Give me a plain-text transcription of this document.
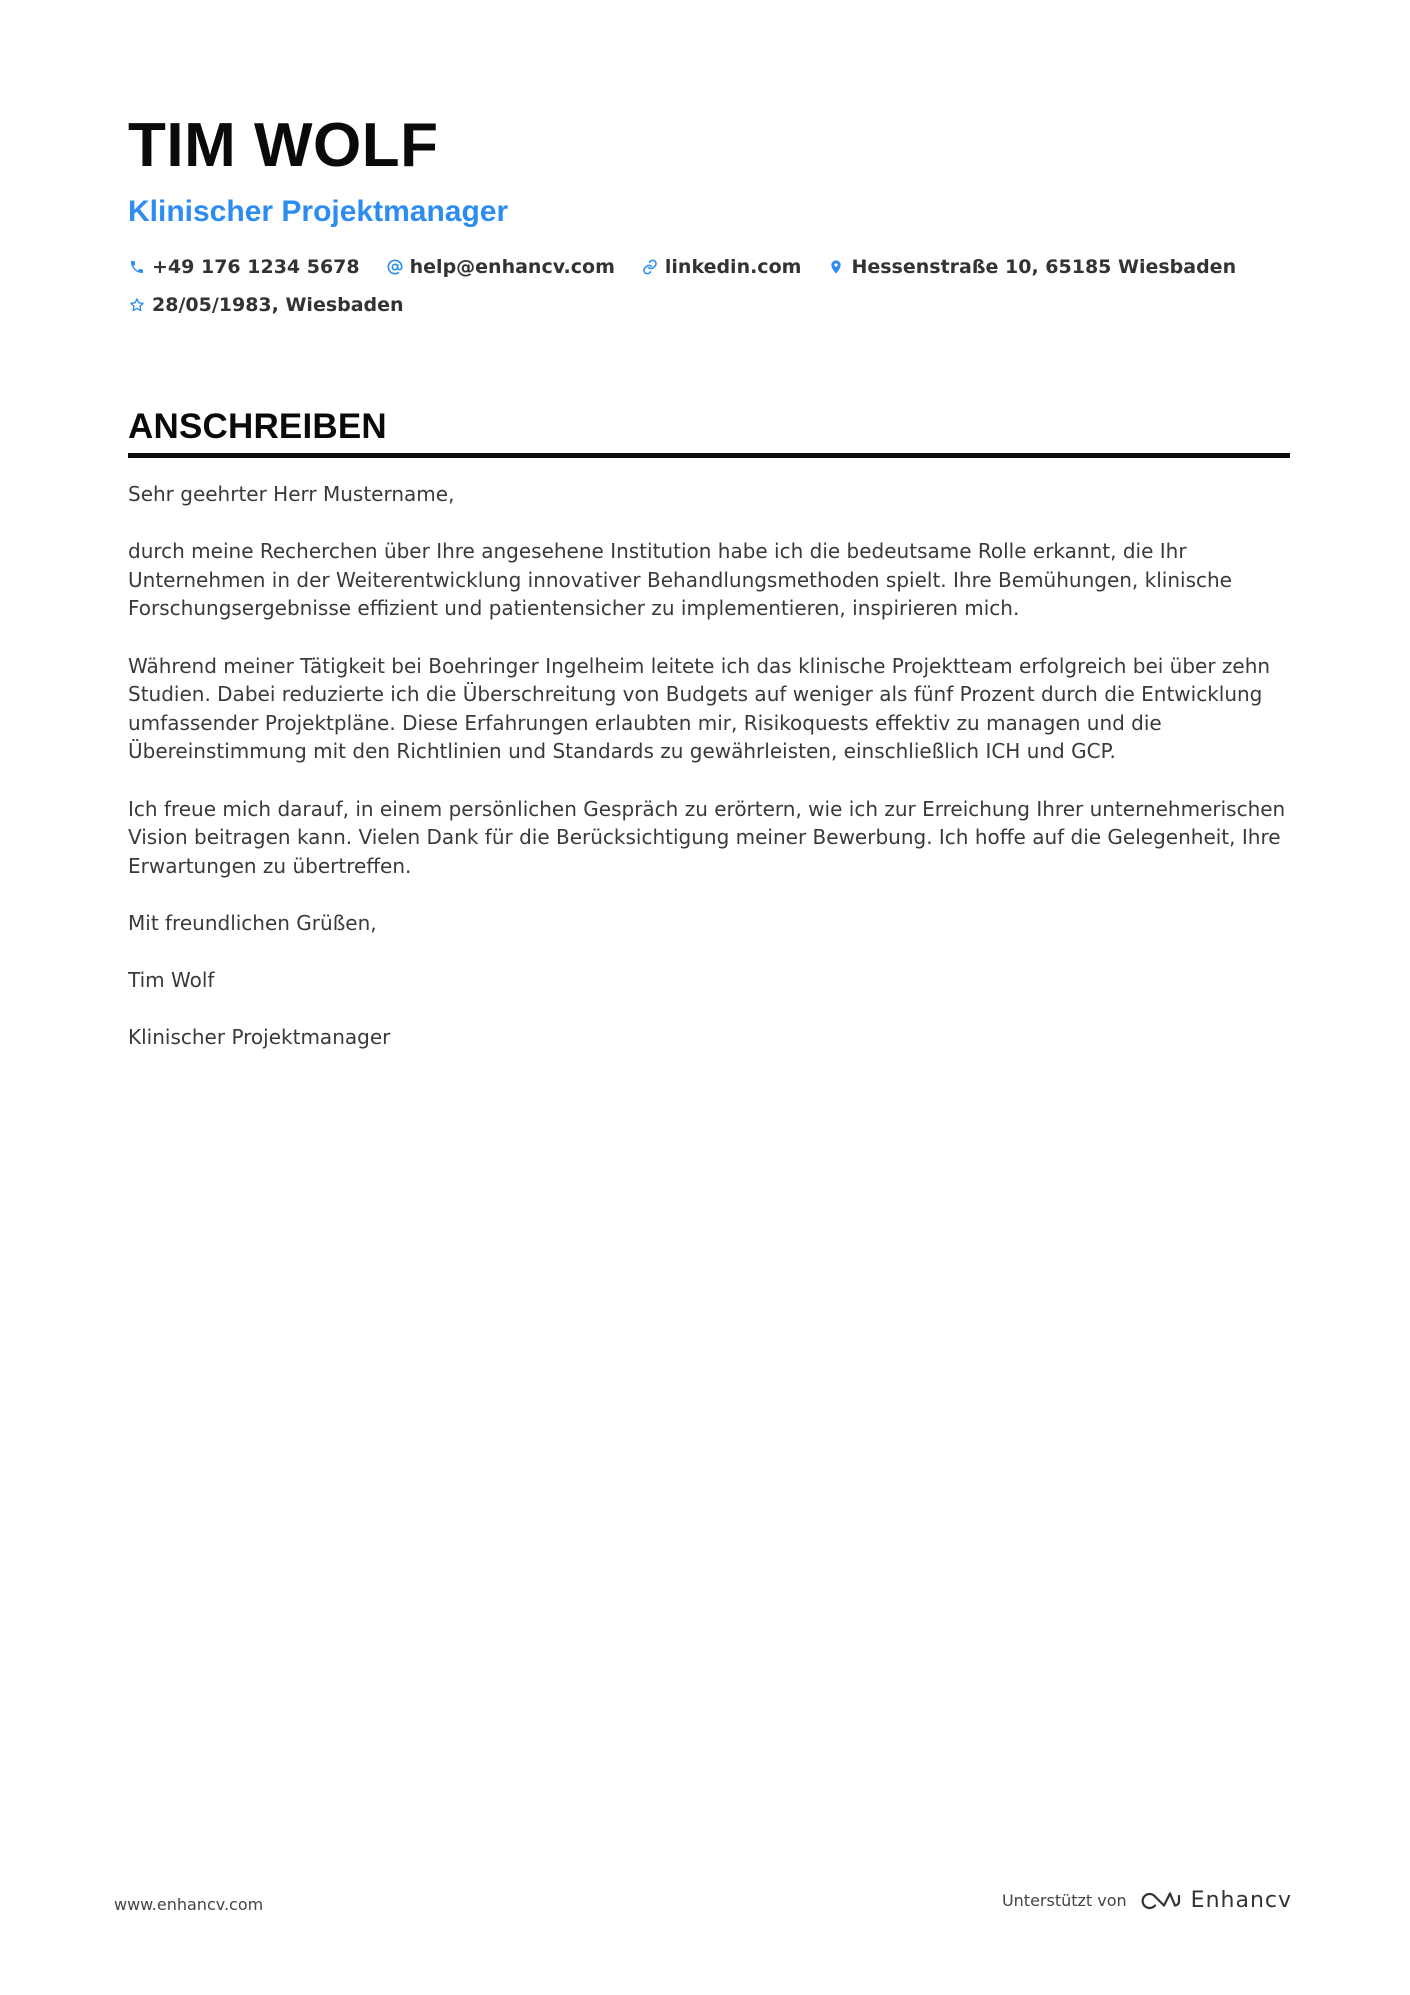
TIM WOLF
Klinischer Projektmanager
+49 176 1234 5678	help@enhancv.com	linkedin.com	Hessenstraße 10, 65185 Wiesbaden
28/05/1983, Wiesbaden
ANSCHREIBEN

Sehr geehrter Herr Mustername,

durch meine Recherchen über Ihre angesehene Institution habe ich die bedeutsame Rolle erkannt, die Ihr Unternehmen in der Weiterentwicklung innovativer Behandlungsmethoden spielt. Ihre Bemühungen, klinische Forschungsergebnisse effizient und patientensicher zu implementieren, inspirieren mich.

Während meiner Tätigkeit bei Boehringer Ingelheim leitete ich das klinische Projektteam erfolgreich bei über zehn Studien. Dabei reduzierte ich die Überschreitung von Budgets auf weniger als fünf Prozent durch die Entwicklung umfassender Projektpläne. Diese Erfahrungen erlaubten mir, Risikoquests effektiv zu managen und die Übereinstimmung mit den Richtlinien und Standards zu gewährleisten, einschließlich ICH und GCP.

Ich freue mich darauf, in einem persönlichen Gespräch zu erörtern, wie ich zur Erreichung Ihrer unternehmerischen Vision beitragen kann. Vielen Dank für die Berücksichtigung meiner Bewerbung. Ich hoffe auf die Gelegenheit, Ihre Erwartungen zu übertreffen.

Mit freundlichen Grüßen,

Tim Wolf

Klinischer Projektmanager

www.enhancv.com	Unterstützt von	Enhancv
